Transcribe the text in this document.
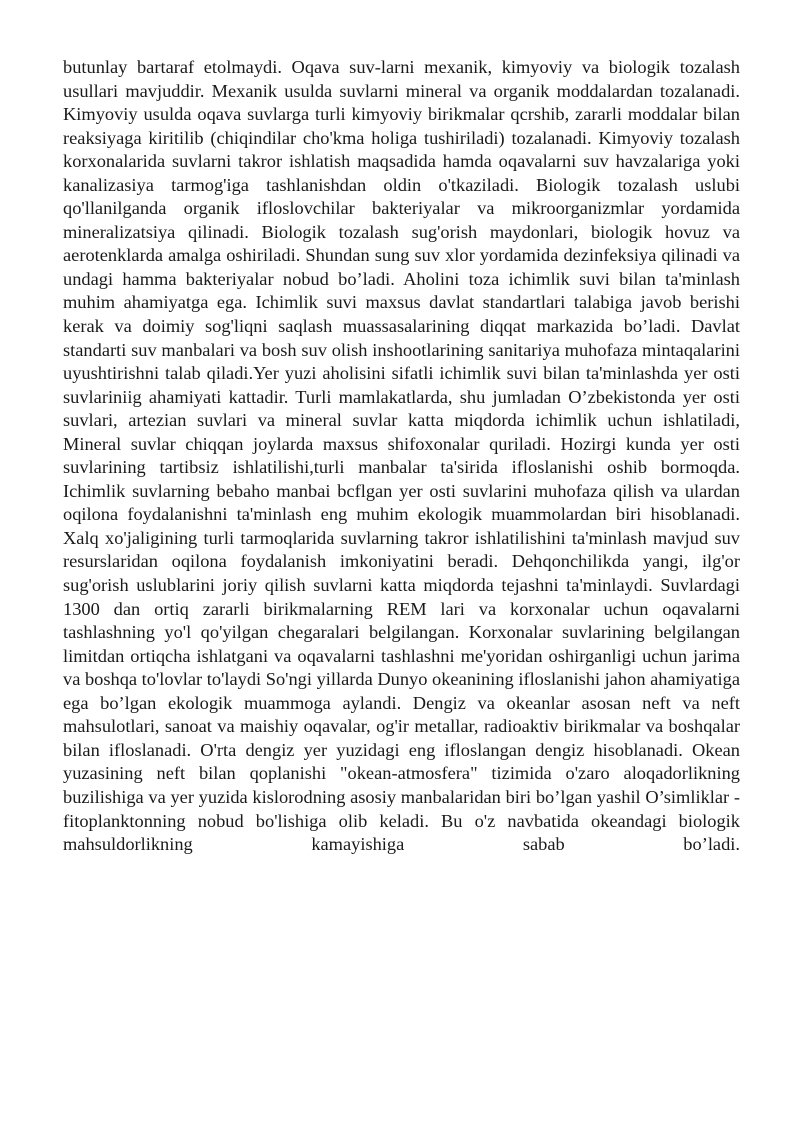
butunlay bartaraf etolmaydi. Oqava suv-larni mexanik, kimyoviy va biologik tozalash usullari mavjuddir. Mexanik usulda suvlarni mineral va organik moddalardan tozalanadi. Kimyoviy usulda oqava suvlarga turli kimyoviy birikmalar qcrshib, zararli moddalar bilan reaksiyaga kiritilib (chiqindilar cho'kma holiga tushiriladi) tozalanadi. Kimyoviy tozalash korxonalarida suvlarni takror ishlatish maqsadida hamda oqavalarni suv havzalariga yoki kanalizasiya tarmog'iga tashlanishdan oldin o'tkaziladi. Biologik tozalash uslubi qo'llanilganda organik ifloslovchilar bakteriyalar va mikroorganizmlar yordamida mineralizatsiya qilinadi. Biologik tozalash sug'orish maydonlari, biologik hovuz va aerotenklarda amalga oshiriladi. Shundan sung suv xlor yordamida dezinfeksiya qilinadi va undagi hamma bakteriyalar nobud bo’ladi. Aholini toza ichimlik suvi bilan ta'minlash muhim ahamiyatga ega. Ichimlik suvi maxsus davlat standartlari talabiga javob berishi kerak va doimiy sog'liqni saqlash muassasalarining diqqat markazida bo’ladi. Davlat standarti suv manbalari va bosh suv olish inshootlarining sanitariya muhofaza mintaqalarini uyushtirishni talab qiladi.Yer yuzi aholisini sifatli ichimlik suvi bilan ta'minlashda yer osti suvlariniig ahamiyati kattadir. Turli mamlakatlarda, shu jumladan O’zbekistonda yer osti suvlari, artezian suvlari va mineral suvlar katta miqdorda ichimlik uchun ishlatiladi, Mineral suvlar chiqqan joylarda maxsus shifoxonalar quriladi. Hozirgi kunda yer osti suvlarining tartibsiz ishlatilishi,turli manbalar ta'sirida ifloslanishi oshib bormoqda. Ichimlik suvlarning bebaho manbai bcflgan yer osti suvlarini muhofaza qilish va ulardan oqilona foydalanishni ta'minlash eng muhim ekologik muammolardan biri hisoblanadi. Xalq xo'jaligining turli tarmoqlarida suvlarning takror ishlatilishini ta'minlash mavjud suv resurslaridan oqilona foydalanish imkoniyatini beradi. Dehqonchilikda yangi, ilg'or sug'orish uslublarini joriy qilish suvlarni katta miqdorda tejashni ta'minlaydi. Suvlardagi 1300 dan ortiq zararli birikmalarning REM lari va korxonalar uchun oqavalarni tashlashning yo'l qo'yilgan chegaralari belgilangan. Korxonalar suvlarining belgilangan limitdan ortiqcha ishlatgani va oqavalarni tashlashni me'yoridan oshirganligi uchun jarima va boshqa to'lovlar to'laydi So'ngi yillarda Dunyo okeanining ifloslanishi jahon ahamiyatiga ega bo’lgan ekologik muammoga aylandi. Dengiz va okeanlar asosan neft va neft mahsulotlari, sanoat va maishiy oqavalar, og'ir metallar, radioaktiv birikmalar va boshqalar bilan ifloslanadi. O'rta dengiz yer yuzidagi eng ifloslangan dengiz hisoblanadi. Okean yuzasining neft bilan qoplanishi "okean-atmosfera" tizimida o'zaro aloqadorlikning buzilishiga va yer yuzida kislorodning asosiy manbalaridan biri bo’lgan yashil O’simliklar -fitoplanktonning nobud bo'lishiga olib keladi. Bu o'z navbatida okeandagi biologik mahsuldorlikning kamayishiga sabab bo’ladi.
